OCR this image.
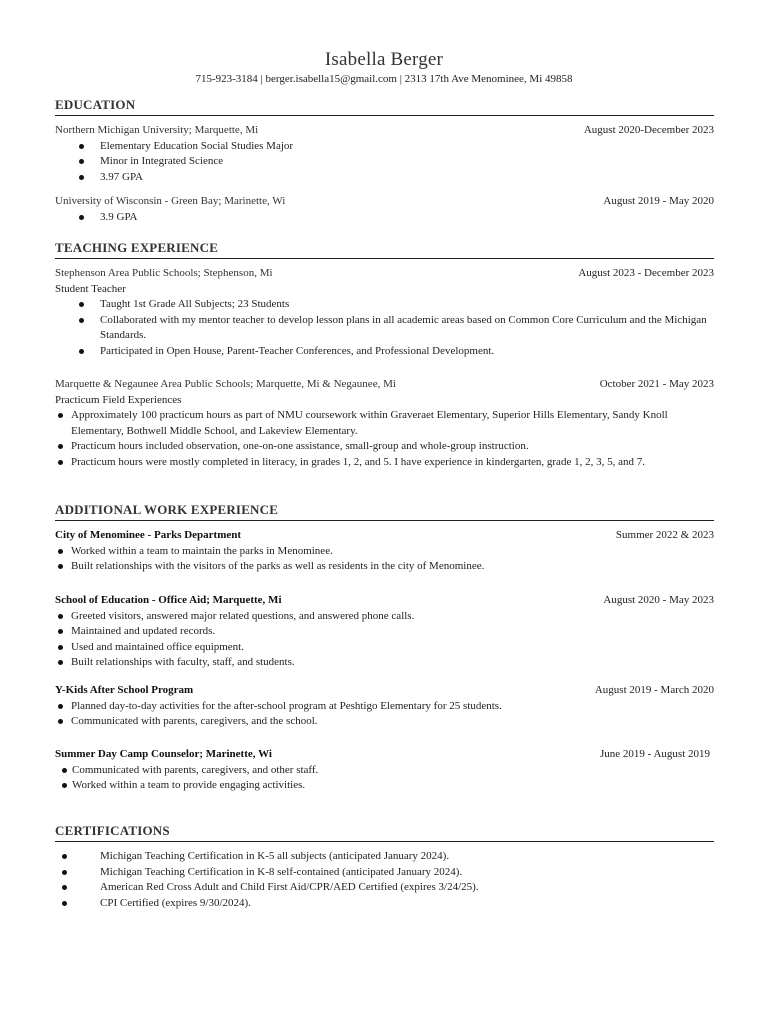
Isabella Berger
715-923-3184 | berger.isabella15@gmail.com | 2313 17th Ave Menominee, Mi 49858
EDUCATION
Northern Michigan University; Marquette, Mi	August 2020-December 2023
Elementary Education Social Studies Major
Minor in Integrated Science
3.97 GPA
University of Wisconsin - Green Bay; Marinette, Wi	August 2019 - May 2020
3.9 GPA
TEACHING EXPERIENCE
Stephenson Area Public Schools; Stephenson, Mi	August 2023 - December 2023
Student Teacher
Taught 1st Grade All Subjects; 23 Students
Collaborated with my mentor teacher to develop lesson plans in all academic areas based on Common Core Curriculum and the Michigan Standards.
Participated in Open House, Parent-Teacher Conferences, and Professional Development.
Marquette & Negaunee Area Public Schools; Marquette, Mi & Negaunee, Mi	October 2021 - May 2023
Practicum Field Experiences
Approximately 100 practicum hours as part of NMU coursework within Graveraet Elementary, Superior Hills Elementary, Sandy Knoll Elementary, Bothwell Middle School, and Lakeview Elementary.
Practicum hours included observation, one-on-one assistance, small-group and whole-group instruction.
Practicum hours were mostly completed in literacy, in grades 1, 2, and 5. I have experience in kindergarten, grade 1, 2, 3, 5, and 7.
ADDITIONAL WORK EXPERIENCE
City of Menominee - Parks Department	Summer 2022 & 2023
Worked within a team to maintain the parks in Menominee.
Built relationships with the visitors of the parks as well as residents in the city of Menominee.
School of Education - Office Aid; Marquette, Mi	August 2020 - May 2023
Greeted visitors, answered major related questions, and answered phone calls.
Maintained and updated records.
Used and maintained office equipment.
Built relationships with faculty, staff, and students.
Y-Kids After School Program	August 2019 - March 2020
Planned day-to-day activities for the after-school program at Peshtigo Elementary for 25 students.
Communicated with parents, caregivers, and the school.
Summer Day Camp Counselor; Marinette, Wi	June 2019 - August 2019
Communicated with parents, caregivers, and other staff.
Worked within a team to provide engaging activities.
CERTIFICATIONS
Michigan Teaching Certification in K-5 all subjects (anticipated January 2024).
Michigan Teaching Certification in K-8 self-contained (anticipated January 2024).
American Red Cross Adult and Child First Aid/CPR/AED Certified (expires 3/24/25).
CPI Certified (expires 9/30/2024).
